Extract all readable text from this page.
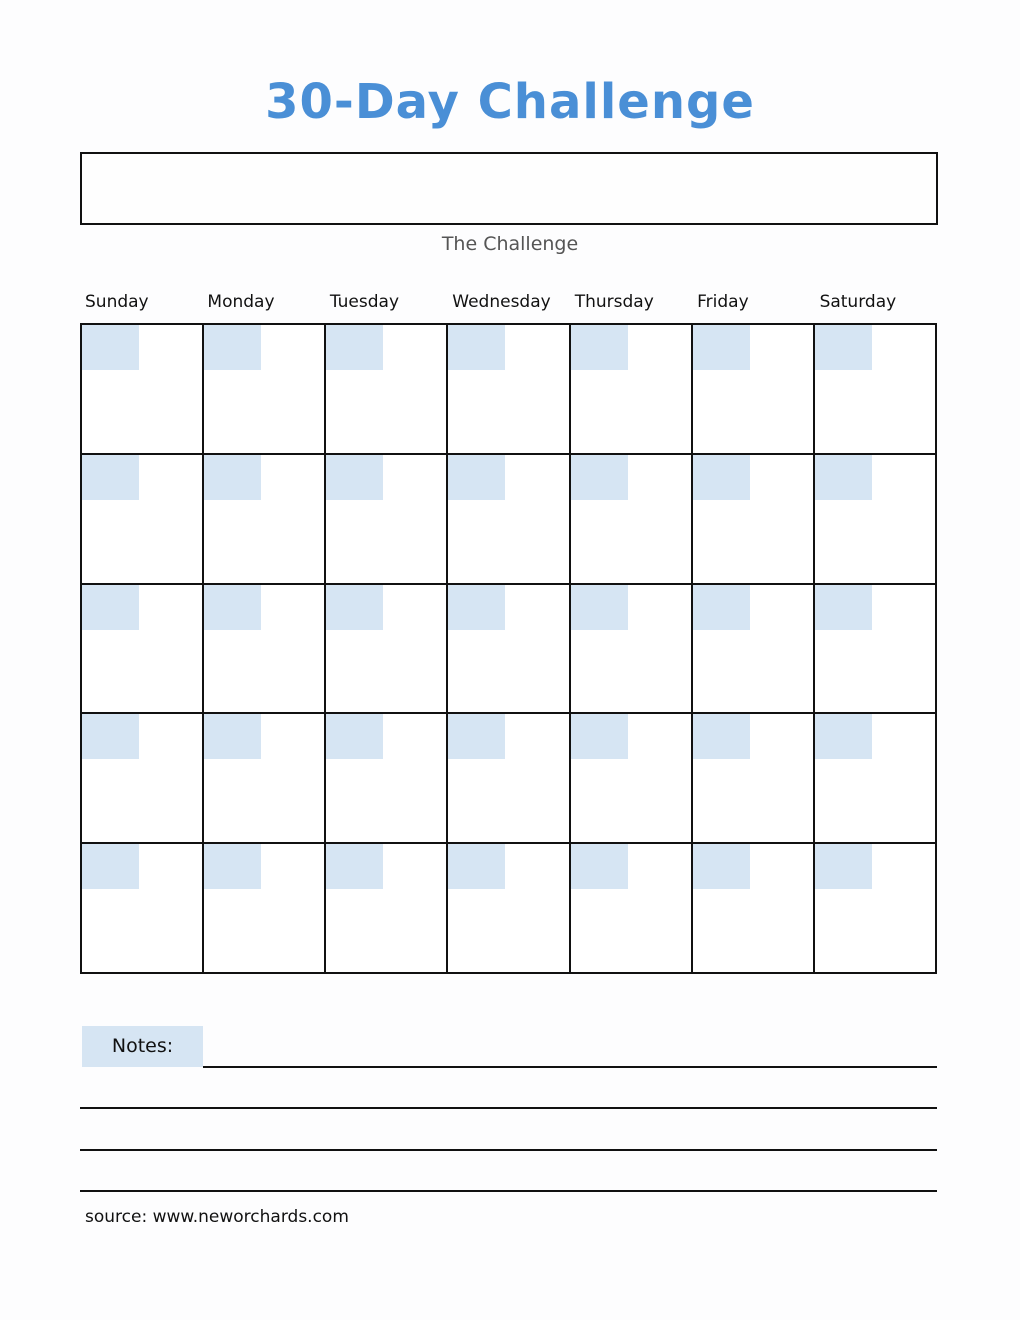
30-Day Challenge
The Challenge
Sunday	Monday	Tuesday	Wednesday	Thursday	Friday	Saturday
Notes:
source: www.neworchards.com
